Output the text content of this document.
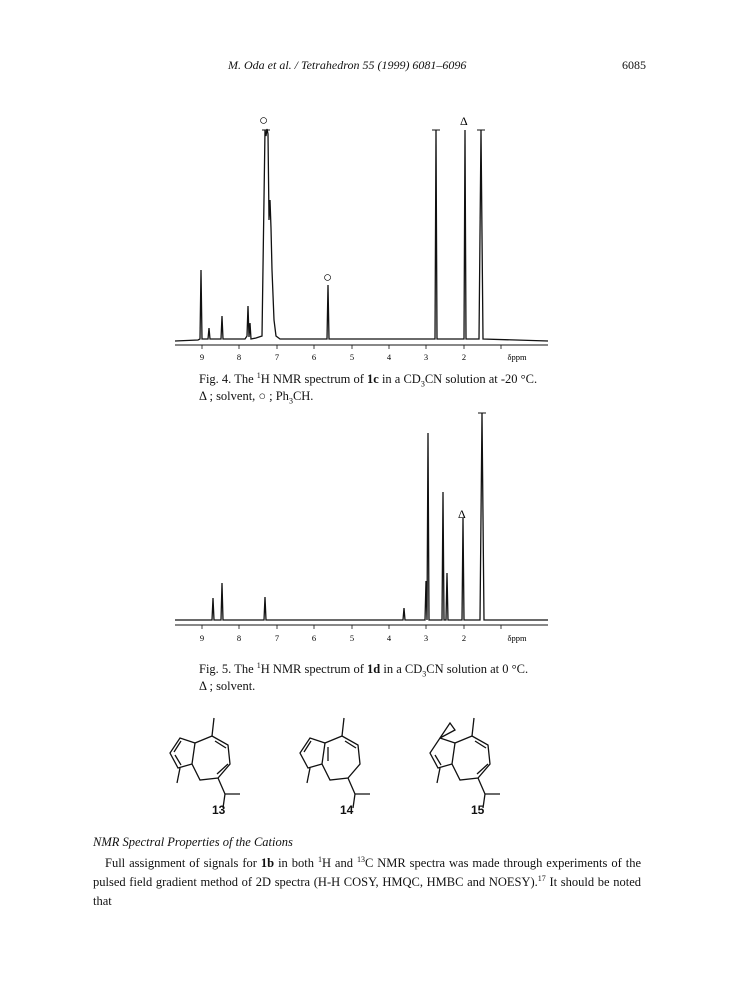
M. Oda et al. / Tetrahedron 55 (1999) 6081–6096	6085
○
○
Δ
9	8	7	6	5	4	3	2	δppm
Fig. 4. The $^1$H NMR spectrum of 1c in a $CD_3CN$ solution at -20 °C.
Δ ; solvent, ○ ; $Ph_3CH$.
Δ
9	8	7	6	5	4	3	2	δppm
Fig. 5. The $^1$H NMR spectrum of 1d in a $CD_3CN$ solution at 0 °C.
Δ ; solvent.
13	14	15
NMR Spectral Properties of the Cations
Full assignment of signals for 1b in both $^1$H and $^{13}$C NMR spectra was made through experiments of the pulsed field gradient method of 2D spectra (H-H COSY, HMQC, HMBC and NOESY).$^{17}$ It should be noted that
